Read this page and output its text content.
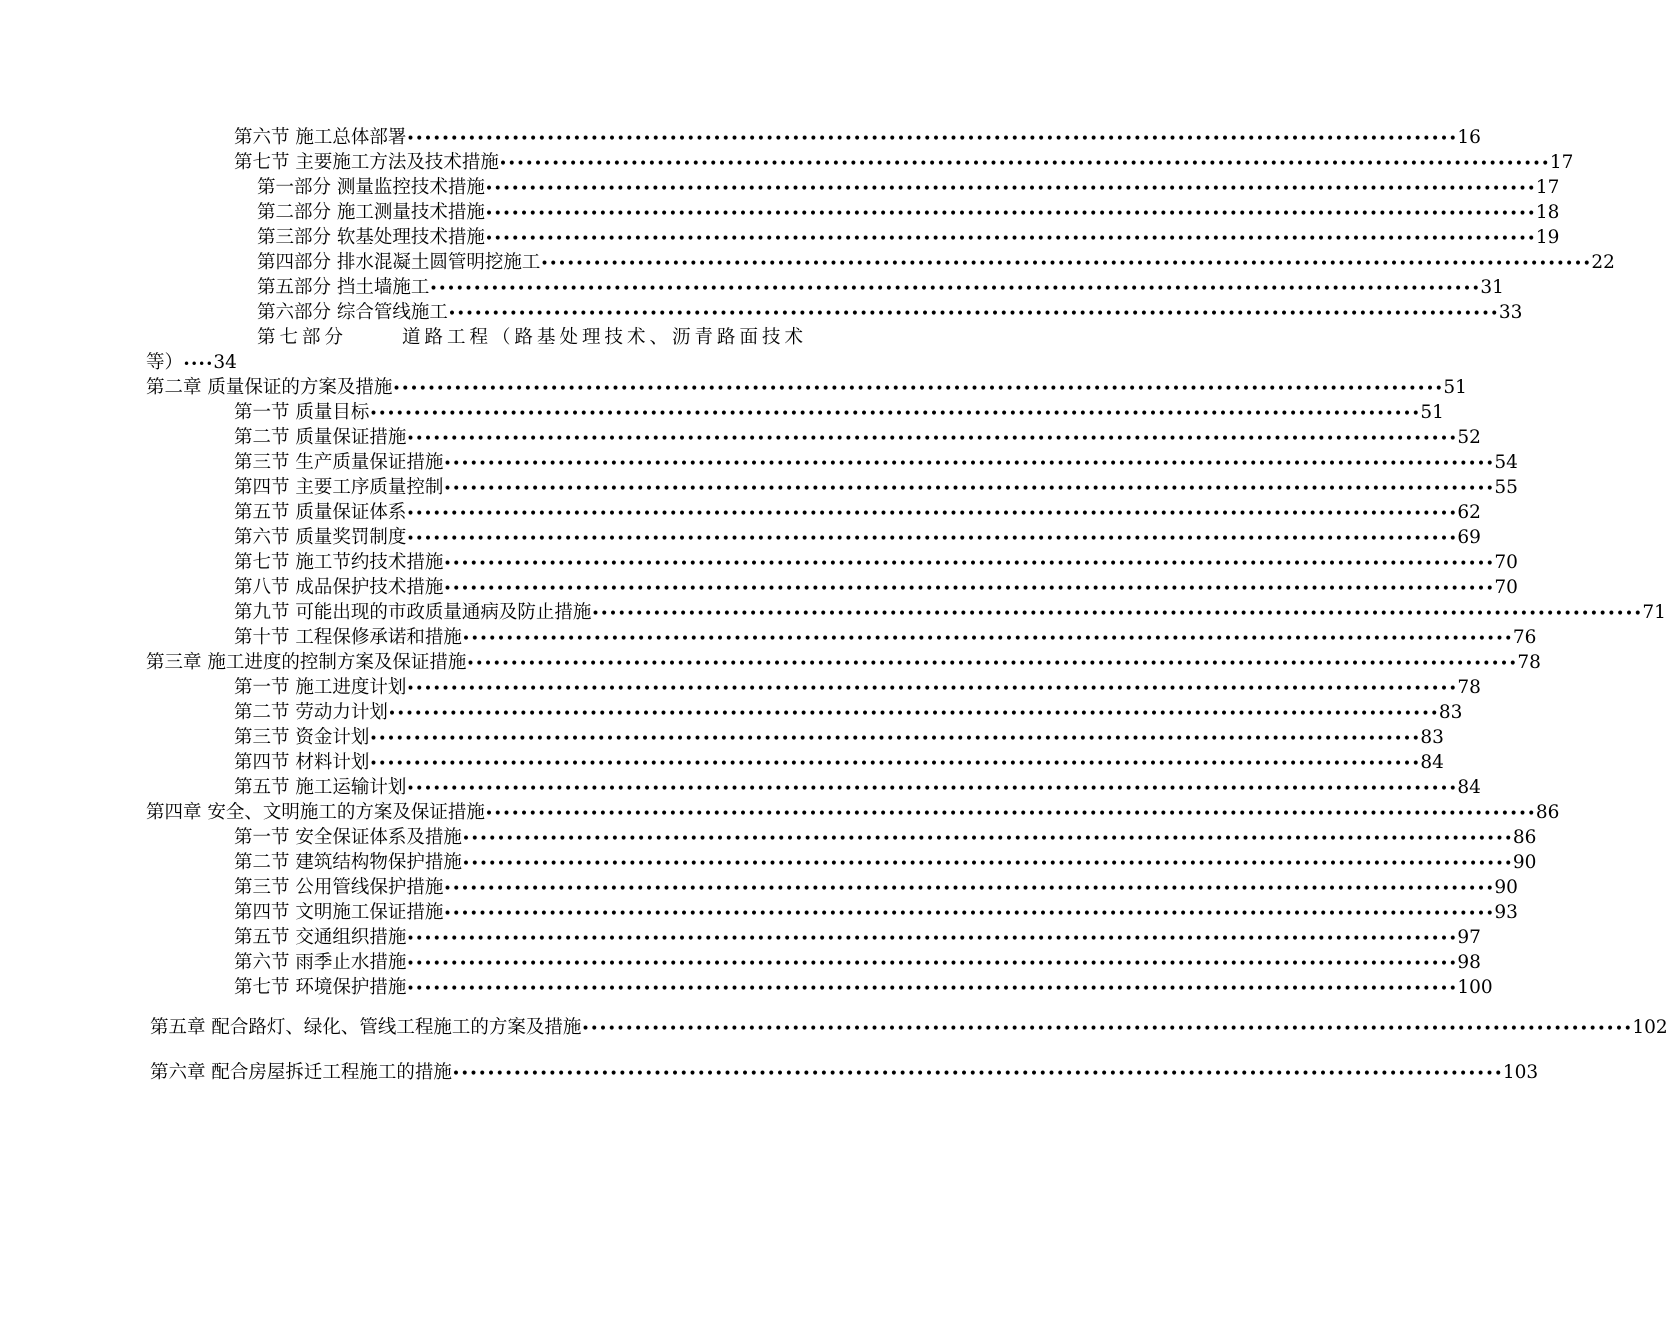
第六节 施工总体部署 •••••••••••••••••••••••••••••••••••••••••••••••••••••••••••••••••••••••••••••••••••••••••••••••••••••••••••••••••••••••• 16
第七节 主要施工方法及技术措施 •••••••••••••••••••••••••••••••••••••••••••••••••••••••••••••••••••••••••••••••••••••••••••••••••••••••••••••••••••••••• 17
第一部分 测量监控技术措施 •••••••••••••••••••••••••••••••••••••••••••••••••••••••••••••••••••••••••••••••••••••••••••••••••••••••••••••••••••••••• 17
第二部分 施工测量技术措施 •••••••••••••••••••••••••••••••••••••••••••••••••••••••••••••••••••••••••••••••••••••••••••••••••••••••••••••••••••••••• 18
第三部分 软基处理技术措施 •••••••••••••••••••••••••••••••••••••••••••••••••••••••••••••••••••••••••••••••••••••••••••••••••••••••••••••••••••••••• 19
第四部分 排水混凝土圆管明挖施工 •••••••••••••••••••••••••••••••••••••••••••••••••••••••••••••••••••••••••••••••••••••••••••••••••••••••••••••••••••••••• 22
第五部分 挡土墙施工 •••••••••••••••••••••••••••••••••••••••••••••••••••••••••••••••••••••••••••••••••••••••••••••••••••••••••••••••••••••••• 31
第六部分 综合管线施工 •••••••••••••••••••••••••••••••••••••••••••••••••••••••••••••••••••••••••••••••••••••••••••••••••••••••••••••••••••••••• 33
第七部分	道路工程（路基处理技术、沥青路面技术
等）••••34
第二章 质量保证的方案及措施 •••••••••••••••••••••••••••••••••••••••••••••••••••••••••••••••••••••••••••••••••••••••••••••••••••••••••••••••••••••••• 51
第一节 质量目标 •••••••••••••••••••••••••••••••••••••••••••••••••••••••••••••••••••••••••••••••••••••••••••••••••••••••••••••••••••••••• 51
第二节 质量保证措施 •••••••••••••••••••••••••••••••••••••••••••••••••••••••••••••••••••••••••••••••••••••••••••••••••••••••••••••••••••••••• 52
第三节 生产质量保证措施 •••••••••••••••••••••••••••••••••••••••••••••••••••••••••••••••••••••••••••••••••••••••••••••••••••••••••••••••••••••••• 54
第四节 主要工序质量控制 •••••••••••••••••••••••••••••••••••••••••••••••••••••••••••••••••••••••••••••••••••••••••••••••••••••••••••••••••••••••• 55
第五节 质量保证体系 •••••••••••••••••••••••••••••••••••••••••••••••••••••••••••••••••••••••••••••••••••••••••••••••••••••••••••••••••••••••• 62
第六节 质量奖罚制度 •••••••••••••••••••••••••••••••••••••••••••••••••••••••••••••••••••••••••••••••••••••••••••••••••••••••••••••••••••••••• 69
第七节 施工节约技术措施 •••••••••••••••••••••••••••••••••••••••••••••••••••••••••••••••••••••••••••••••••••••••••••••••••••••••••••••••••••••••• 70
第八节 成品保护技术措施 •••••••••••••••••••••••••••••••••••••••••••••••••••••••••••••••••••••••••••••••••••••••••••••••••••••••••••••••••••••••• 70
第九节 可能出现的市政质量通病及防止措施 •••••••••••••••••••••••••••••••••••••••••••••••••••••••••••••••••••••••••••••••••••••••••••••••••••••••••••••••••••••••• 71
第十节 工程保修承诺和措施 •••••••••••••••••••••••••••••••••••••••••••••••••••••••••••••••••••••••••••••••••••••••••••••••••••••••••••••••••••••••• 76
第三章 施工进度的控制方案及保证措施 •••••••••••••••••••••••••••••••••••••••••••••••••••••••••••••••••••••••••••••••••••••••••••••••••••••••••••••••••••••••• 78
第一节 施工进度计划 •••••••••••••••••••••••••••••••••••••••••••••••••••••••••••••••••••••••••••••••••••••••••••••••••••••••••••••••••••••••• 78
第二节 劳动力计划 •••••••••••••••••••••••••••••••••••••••••••••••••••••••••••••••••••••••••••••••••••••••••••••••••••••••••••••••••••••••• 83
第三节 资金计划 •••••••••••••••••••••••••••••••••••••••••••••••••••••••••••••••••••••••••••••••••••••••••••••••••••••••••••••••••••••••• 83
第四节 材料计划 •••••••••••••••••••••••••••••••••••••••••••••••••••••••••••••••••••••••••••••••••••••••••••••••••••••••••••••••••••••••• 84
第五节 施工运输计划 •••••••••••••••••••••••••••••••••••••••••••••••••••••••••••••••••••••••••••••••••••••••••••••••••••••••••••••••••••••••• 84
第四章 安全、文明施工的方案及保证措施 •••••••••••••••••••••••••••••••••••••••••••••••••••••••••••••••••••••••••••••••••••••••••••••••••••••••••••••••••••••••• 86
第一节 安全保证体系及措施 •••••••••••••••••••••••••••••••••••••••••••••••••••••••••••••••••••••••••••••••••••••••••••••••••••••••••••••••••••••••• 86
第二节 建筑结构物保护措施 •••••••••••••••••••••••••••••••••••••••••••••••••••••••••••••••••••••••••••••••••••••••••••••••••••••••••••••••••••••••• 90
第三节 公用管线保护措施 •••••••••••••••••••••••••••••••••••••••••••••••••••••••••••••••••••••••••••••••••••••••••••••••••••••••••••••••••••••••• 90
第四节 文明施工保证措施 •••••••••••••••••••••••••••••••••••••••••••••••••••••••••••••••••••••••••••••••••••••••••••••••••••••••••••••••••••••••• 93
第五节 交通组织措施 •••••••••••••••••••••••••••••••••••••••••••••••••••••••••••••••••••••••••••••••••••••••••••••••••••••••••••••••••••••••• 97
第六节 雨季止水措施 •••••••••••••••••••••••••••••••••••••••••••••••••••••••••••••••••••••••••••••••••••••••••••••••••••••••••••••••••••••••• 98
第七节 环境保护措施 •••••••••••••••••••••••••••••••••••••••••••••••••••••••••••••••••••••••••••••••••••••••••••••••••••••••••••••••••••••••• 100
第五章 配合路灯、绿化、管线工程施工的方案及措施 •••••••••••••••••••••••••••••••••••••••••••••••••••••••••••••••••••••••••••••••••••••••••••••••••••••••••••••••••••••••• 102
第六章 配合房屋拆迁工程施工的措施 •••••••••••••••••••••••••••••••••••••••••••••••••••••••••••••••••••••••••••••••••••••••••••••••••••••••••••••••••••••••• 103
